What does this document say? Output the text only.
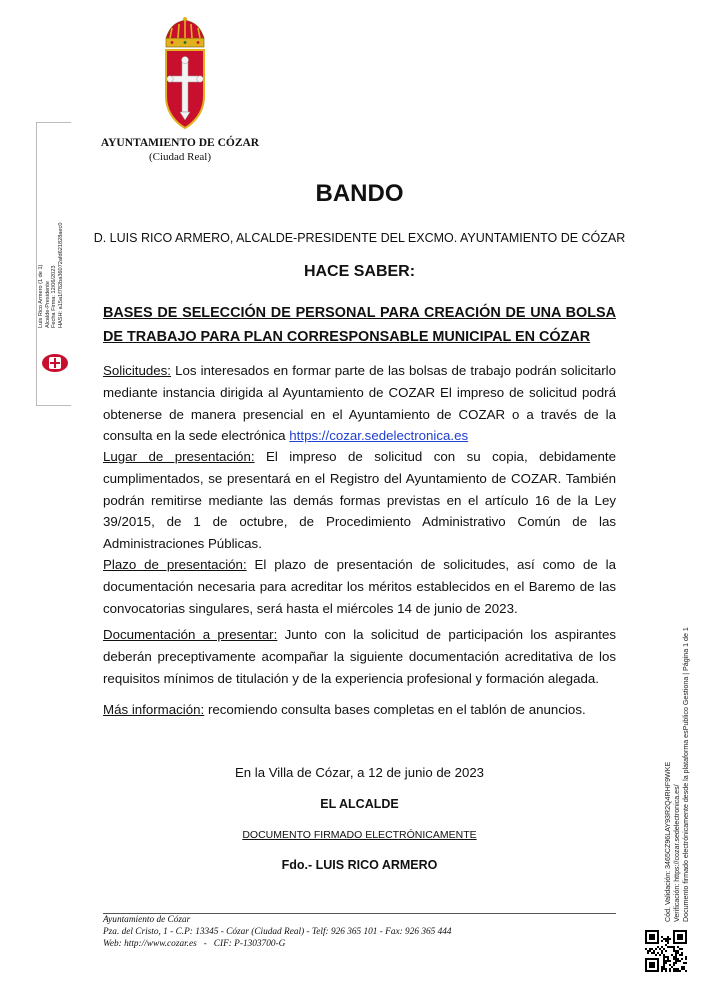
AYUNTAMIENTO DE CÓZAR
(Ciudad Real)
Luis Rico Armero (1 de 1) Alcalde-Presidente Fecha Firma: 12/06/2023 HASH: a15a1f782ba36072afd621828aec0
BANDO
D. LUIS RICO ARMERO, ALCALDE-PRESIDENTE DEL EXCMO. AYUNTAMIENTO DE CÓZAR
HACE SABER:
BASES DE SELECCIÓN DE PERSONAL PARA CREACIÓN DE UNA BOLSA DE TRABAJO PARA PLAN CORRESPONSABLE MUNICIPAL EN CÓZAR
Solicitudes: Los interesados en formar parte de las bolsas de trabajo podrán solicitarlo mediante instancia dirigida al Ayuntamiento de COZAR El impreso de solicitud podrá obtenerse de manera presencial en el Ayuntamiento de COZAR o a través de la consulta en la sede electrónica https://cozar.sedelectronica.es
Lugar de presentación: El impreso de solicitud con su copia, debidamente cumplimentados, se presentará en el Registro del Ayuntamiento de COZAR. También podrán remitirse mediante las demás formas previstas en el artículo 16 de la Ley 39/2015, de 1 de octubre, de Procedimiento Administrativo Común de las Administraciones Públicas.
Plazo de presentación: El plazo de presentación de solicitudes, así como de la documentación necesaria para acreditar los méritos establecidos en el Baremo de las convocatorias singulares, será hasta el miércoles 14 de junio de 2023.
Documentación a presentar: Junto con la solicitud de participación los aspirantes deberán preceptivamente acompañar la siguiente documentación acreditativa de los requisitos mínimos de titulación y de la experiencia profesional y formación alegada.
Más información: recomiendo consulta bases completas en el tablón de anuncios.
En la Villa de Cózar, a 12 de junio de 2023
EL ALCALDE
DOCUMENTO FIRMADO ELECTRÓNICAMENTE
Fdo.- LUIS RICO ARMERO
Ayuntamiento de Cózar
Pza. del Cristo, 1 - C.P: 13345 - Cózar (Ciudad Real) - Telf: 926 365 101 - Fax: 926 365 444
Web: http://www.cozar.es   -   CIF: P-1303700-G
Cód. Validación: 3465CZ96LAY93R2Q4RHF9WKE Verificación: https://cozar.sedelectronica.es/ Documento firmado electrónicamente desde la plataforma esPublico Gestiona | Página 1 de 1
